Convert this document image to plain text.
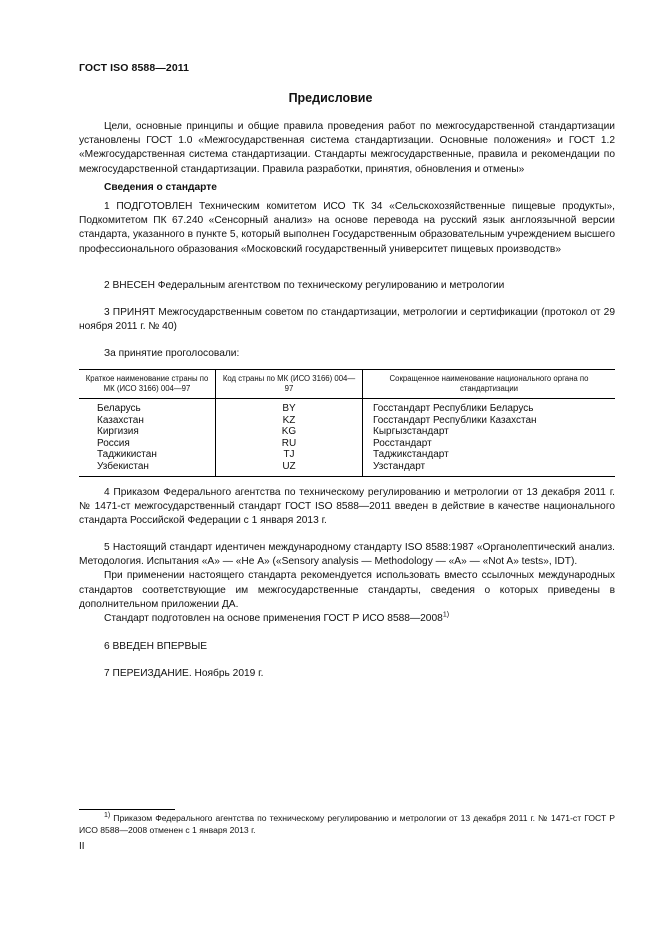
ГОСТ ISO 8588—2011
Предисловие

Цели, основные принципы и общие правила проведения работ по межгосударственной стандартизации установлены ГОСТ 1.0 «Межгосударственная система стандартизации. Основные положения» и ГОСТ 1.2 «Межгосударственная система стандартизации. Стандарты межгосударственные, правила и рекомендации по межгосударственной стандартизации. Правила разработки, принятия, обновления и отмены»

Сведения о стандарте

1 ПОДГОТОВЛЕН Техническим комитетом ИСО ТК 34 «Сельскохозяйственные пищевые продукты», Подкомитетом ПК 67.240 «Сенсорный анализ» на основе перевода на русский язык англоязычной версии стандарта, указанного в пункте 5, который выполнен Государственным образовательным учреждением высшего профессионального образования «Московский государственный университет пищевых производств»

2 ВНЕСЕН Федеральным агентством по техническому регулированию и метрологии

3 ПРИНЯТ Межгосударственным советом по стандартизации, метрологии и сертификации (протокол от 29 ноября 2011 г. № 40)

За принятие проголосовали:
Краткое наименование страны по МК (ИСО 3166) 004—97	Код страны по МК (ИСО 3166) 004—97	Сокращенное наименование национального органа по стандартизации
Беларусь	BY	Госстандарт Республики Беларусь
Казахстан	KZ	Госстандарт Республики Казахстан
Киргизия	KG	Кыргызстандарт
Россия	RU	Росстандарт
Таджикистан	TJ	Таджикстандарт
Узбекистан	UZ	Узстандарт

4 Приказом Федерального агентства по техническому регулированию и метрологии от 13 декабря 2011 г. № 1471-ст межгосударственный стандарт ГОСТ ISO 8588—2011 введен в действие в качестве национального стандарта Российской Федерации с 1 января 2013 г.

5 Настоящий стандарт идентичен международному стандарту ISO 8588:1987 «Органолептический анализ. Методология. Испытания «А» — «Не А» («Sensory analysis — Methodology — «A» — «Not A» tests», IDT).

При применении настоящего стандарта рекомендуется использовать вместо ссылочных международных стандартов соответствующие им межгосударственные стандарты, сведения о которых приведены в дополнительном приложении ДА.

Стандарт подготовлен на основе применения ГОСТ Р ИСО 8588—2008$^{1)}$

6 ВВЕДЕН ВПЕРВЫЕ
7 ПЕРЕИЗДАНИЕ. Ноябрь 2019 г.
$^{1)}$ Приказом Федерального агентства по техническому регулированию и метрологии от 13 декабря 2011 г. № 1471-ст ГОСТ Р ИСО 8588—2008 отменен с 1 января 2013 г.
II
